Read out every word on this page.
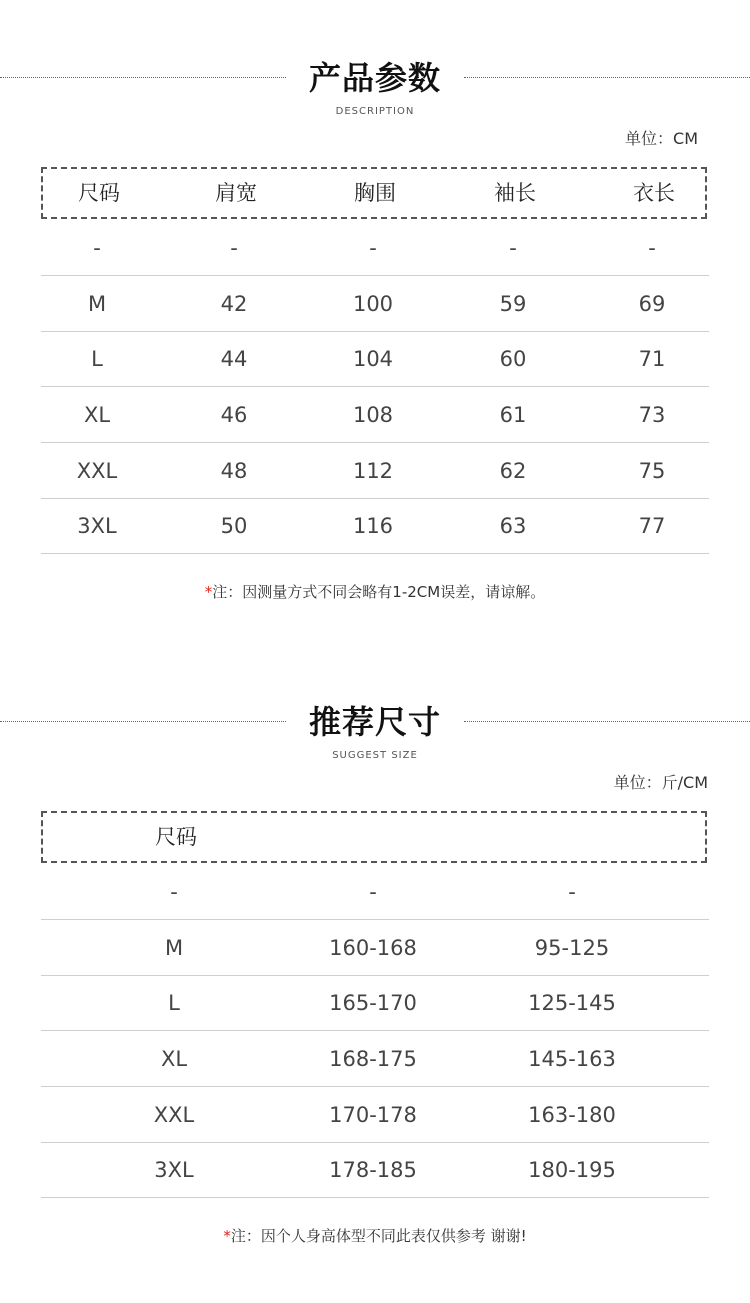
产品参数
DESCRIPTION
单位：CM
尺码	肩宽	胸围	袖长	衣长
-	-	-	-	-
M	42	100	59	69
L	44	104	60	71
XL	46	108	61	73
XXL	48	112	62	75
3XL	50	116	63	77
*注：因测量方式不同会略有1-2CM误差，请谅解。
推荐尺寸
SUGGEST SIZE
单位：斤/CM
尺码
-	-	-
M	160-168	95-125
L	165-170	125-145
XL	168-175	145-163
XXL	170-178	163-180
3XL	178-185	180-195
*注：因个人身高体型不同此表仅供参考 谢谢!
